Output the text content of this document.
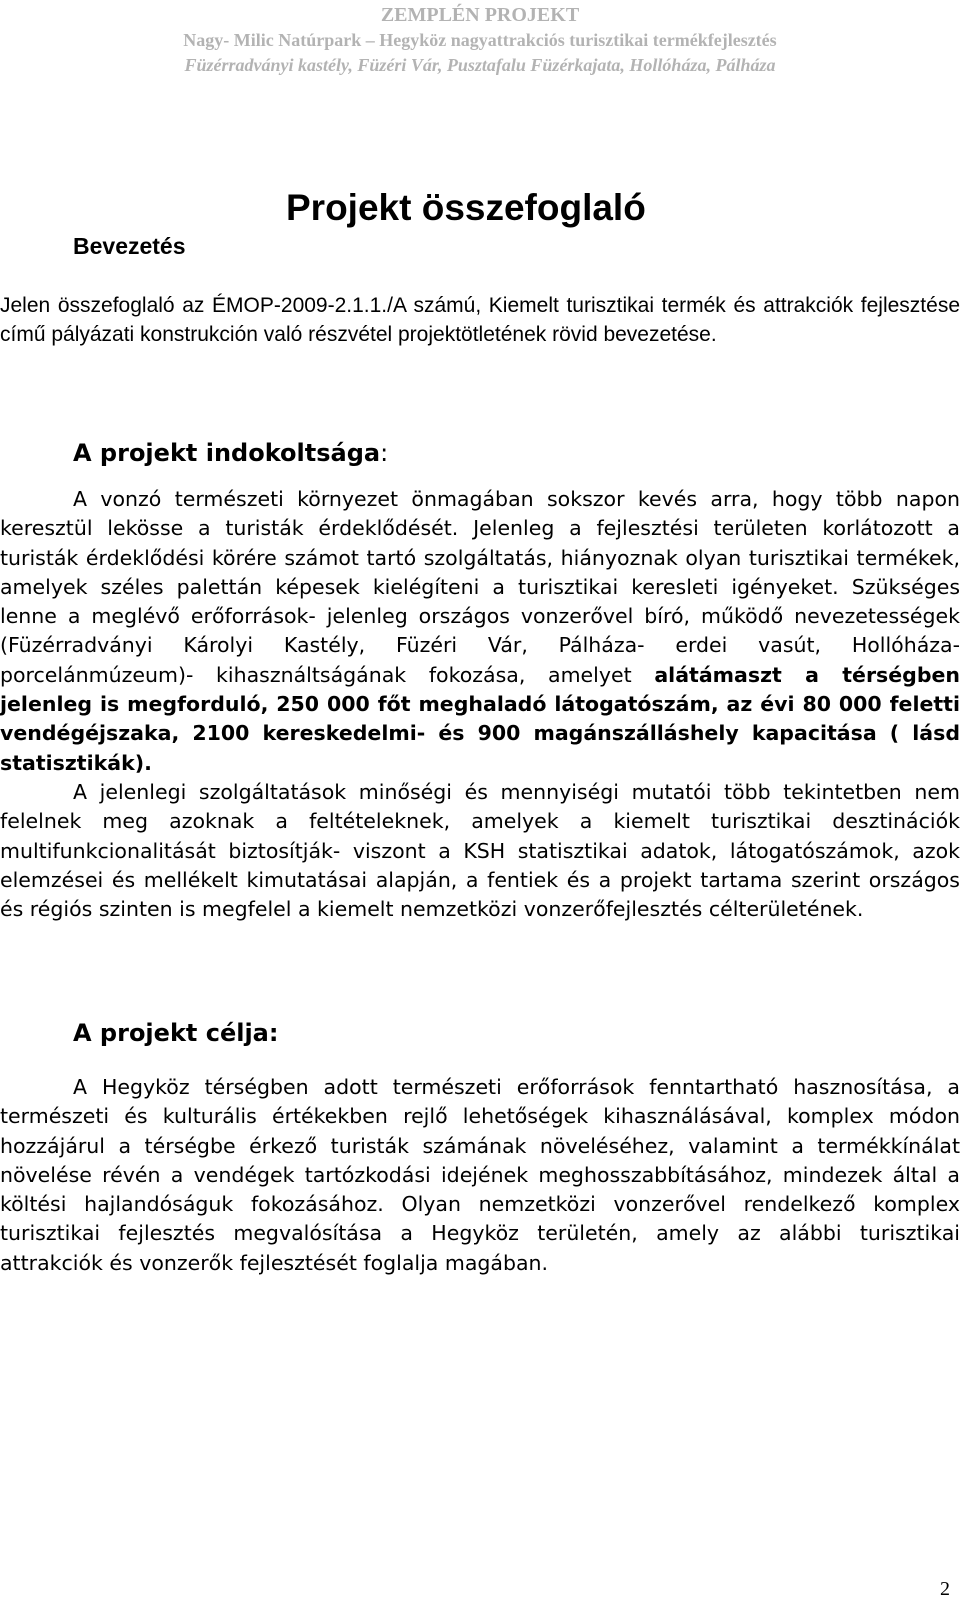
ZEMPLÉN PROJEKT
Nagy- Milic Natúrpark – Hegyköz nagyattrakciós turisztikai termékfejlesztés
Füzérradványi kastély, Füzéri Vár, Pusztafalu Füzérkajata, Hollóháza, Pálháza
Projekt összefoglaló
Bevezetés

Jelen összefoglaló az ÉMOP-2009-2.1.1./A számú, Kiemelt turisztikai termék és attrakciók fejlesztése című pályázati konstrukción való részvétel projektötletének rövid bevezetése.

A projekt indokoltsága:

A vonzó természeti környezet önmagában sokszor kevés arra, hogy több napon keresztül lekösse a turisták érdeklődését. Jelenleg a fejlesztési területen korlátozott a turisták érdeklődési körére számot tartó szolgáltatás, hiányoznak olyan turisztikai termékek, amelyek széles palettán képesek kielégíteni a turisztikai keresleti igényeket. Szükséges lenne a meglévő erőforrások- jelenleg országos vonzerővel bíró, működő nevezetességek (Füzérradványi Károlyi Kastély, Füzéri Vár, Pálháza- erdei vasút, Hollóháza- porcelánmúzeum)- kihasználtságának fokozása, amelyet alátámaszt a térségben jelenleg is megforduló, 250 000 főt meghaladó látogatószám, az évi 80 000 feletti vendégéjszaka, 2100 kereskedelmi- és 900 magánszálláshely kapacitása ( lásd statisztikák).

A jelenlegi szolgáltatások minőségi és mennyiségi mutatói több tekintetben nem felelnek meg azoknak a feltételeknek, amelyek a kiemelt turisztikai desztinációk multifunkcionalitását biztosítják- viszont a KSH statisztikai adatok, látogatószámok, azok elemzései és mellékelt kimutatásai alapján, a fentiek és a projekt tartama szerint országos és régiós szinten is megfelel a kiemelt nemzetközi vonzerőfejlesztés célterületének.

A projekt célja:

A Hegyköz térségben adott természeti erőforrások fenntartható hasznosítása, a természeti és kulturális értékekben rejlő lehetőségek kihasználásával, komplex módon hozzájárul a térségbe érkező turisták számának növeléséhez, valamint a termékkínálat növelése révén a vendégek tartózkodási idejének meghosszabbításához, mindezek által a költési hajlandóságuk fokozásához. Olyan nemzetközi vonzerővel rendelkező komplex turisztikai fejlesztés megvalósítása a Hegyköz területén, amely az alábbi turisztikai attrakciók és vonzerők fejlesztését foglalja magában.

2
